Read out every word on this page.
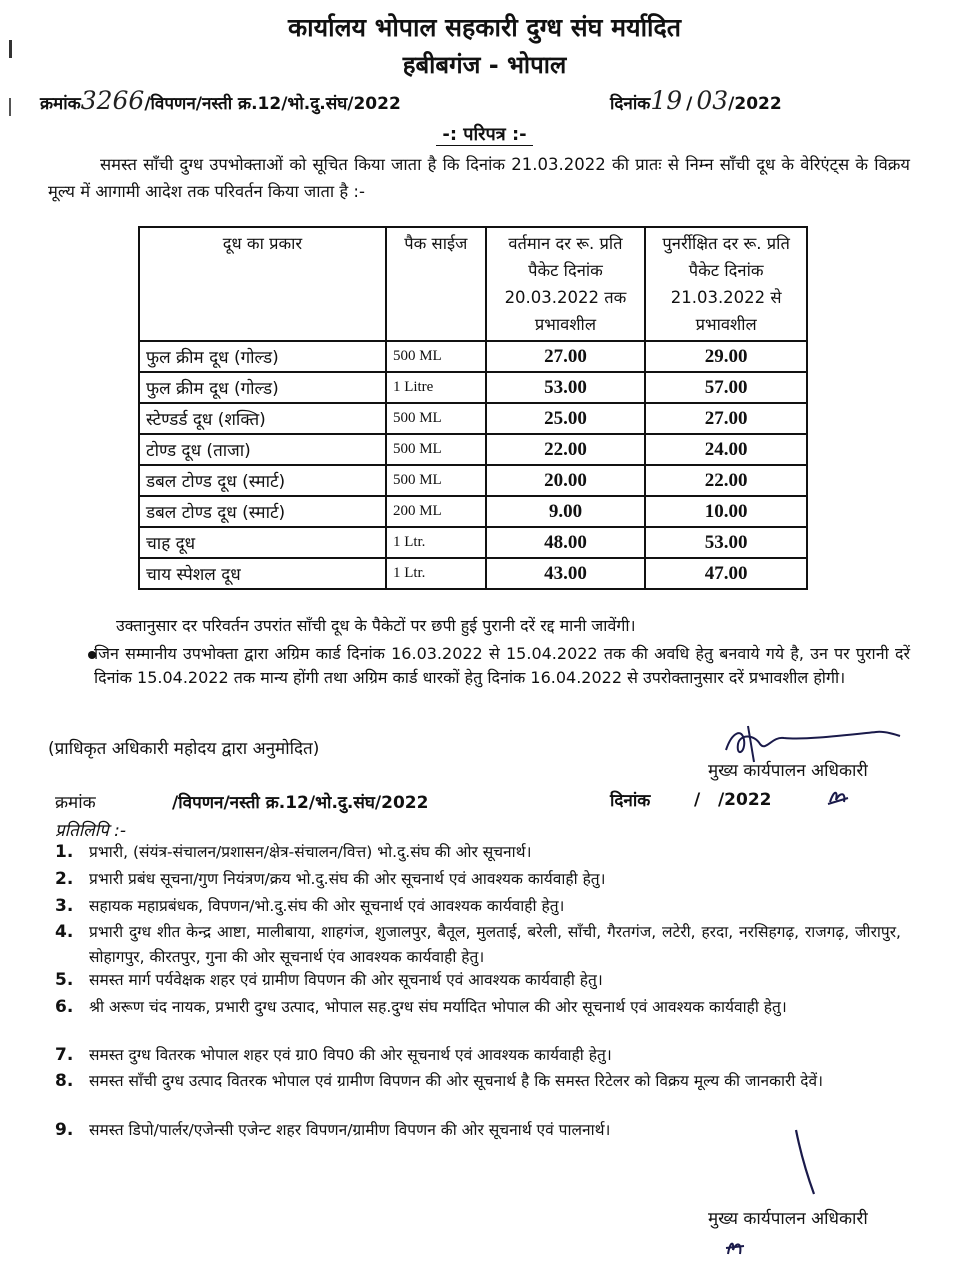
कार्यालय भोपाल सहकारी दुग्ध संघ मर्यादित
हबीबगंज - भोपाल
क्रमांक3266/विपणन/नस्ती क्र.12/भो.दु.संघ/2022	दिनांक19 / 03/2022
-: परिपत्र :-
समस्त साँची दुग्ध उपभोक्ताओं को सूचित किया जाता है कि दिनांक 21.03.2022 की प्रातः से निम्न साँची दूध के वेरिएंट्स के विक्रय मूल्य में आगामी आदेश तक परिवर्तन किया जाता है :-
दूध का प्रकार	पैक साईज	वर्तमान दर रू. प्रति पैकेट दिनांक 20.03.2022 तक प्रभावशील	पुनर्रीक्षित दर रू. प्रति पैकेट दिनांक 21.03.2022 से प्रभावशील
फुल क्रीम दूध (गोल्ड)	500 ML	27.00	29.00
फुल क्रीम दूध (गोल्ड)	1 Litre	53.00	57.00
स्टेण्डर्ड दूध (शक्ति)	500 ML	25.00	27.00
टोण्ड दूध (ताजा)	500 ML	22.00	24.00
डबल टोण्ड दूध (स्मार्ट)	500 ML	20.00	22.00
डबल टोण्ड दूध (स्मार्ट)	200 ML	9.00	10.00
चाह दूध	1 Ltr.	48.00	53.00
चाय स्पेशल दूध	1 Ltr.	43.00	47.00
उक्तानुसार दर परिवर्तन उपरांत साँची दूध के पैकेटों पर छपी हुई पुरानी दरें रद्द मानी जावेंगी।
जिन सम्मानीय उपभोक्ता द्वारा अग्रिम कार्ड दिनांक 16.03.2022 से 15.04.2022 तक की अवधि हेतु बनवाये गये है, उन पर पुरानी दरें दिनांक 15.04.2022 तक मान्य होंगी तथा अग्रिम कार्ड धारकों हेतु दिनांक 16.04.2022 से उपरोक्तानुसार दरें प्रभावशील होगी।
(प्राधिकृत अधिकारी महोदय द्वारा अनुमोदित)
मुख्य कार्यपालन अधिकारी
क्रमांक	/विपणन/नस्ती क्र.12/भो.दु.संघ/2022	दिनांक	/   /2022
प्रतिलिपि :-
1.	प्रभारी, (संयंत्र-संचालन/प्रशासन/क्षेत्र-संचालन/वित्त) भो.दु.संघ की ओर सूचनार्थ।
2.	प्रभारी प्रबंध सूचना/गुण नियंत्रण/क्रय भो.दु.संघ की ओर सूचनार्थ एवं आवश्यक कार्यवाही हेतु।
3.	सहायक महाप्रबंधक, विपणन/भो.दु.संघ की ओर सूचनार्थ एवं आवश्यक कार्यवाही हेतु।
4.	प्रभारी दुग्ध शीत केन्द्र आष्टा, मालीबाया, शाहगंज, शुजालपुर, बैतूल, मुलताई, बरेली, साँची, गैरतगंज, लटेरी, हरदा, नरसिहगढ़, राजगढ़, जीरापुर, सोहागपुर, कीरतपुर, गुना की ओर सूचनार्थ एंव आवश्यक कार्यवाही हेतु।
5.	समस्त मार्ग पर्यवेक्षक शहर एवं ग्रामीण विपणन की ओर सूचनार्थ एवं आवश्यक कार्यवाही हेतु।
6.	श्री अरूण चंद नायक, प्रभारी दुग्ध उत्पाद, भोपाल सह.दुग्ध संघ मर्यादित भोपाल की ओर सूचनार्थ एवं आवश्यक कार्यवाही हेतु।
7.	समस्त दुग्ध वितरक भोपाल शहर एवं ग्रा0 विप0 की ओर सूचनार्थ एवं आवश्यक कार्यवाही हेतु।
8.	समस्त साँची दुग्ध उत्पाद वितरक भोपाल एवं ग्रामीण विपणन की ओर सूचनार्थ है कि समस्त रिटेलर को विक्रय मूल्य की जानकारी देवें।
9.	समस्त डिपो/पार्लर/एजेन्सी एजेन्ट शहर विपणन/ग्रामीण विपणन की ओर सूचनार्थ एवं पालनार्थ।
मुख्य कार्यपालन अधिकारी
